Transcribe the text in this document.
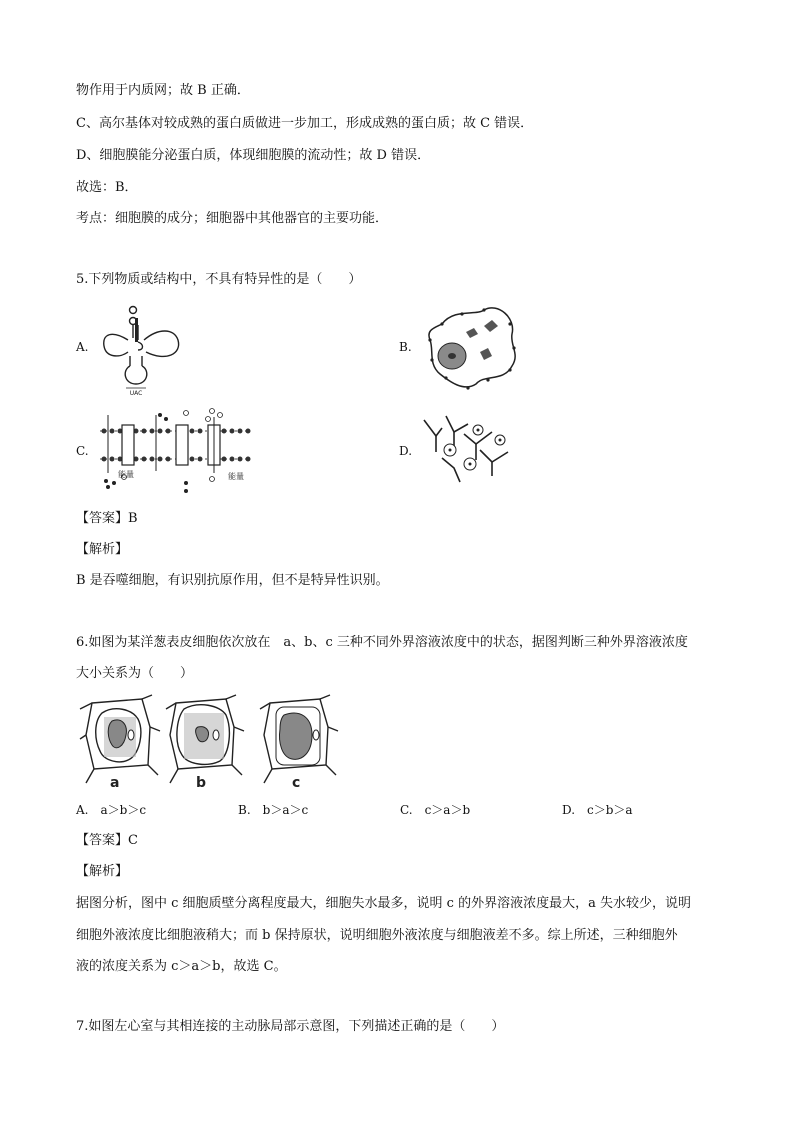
物作用于内质网；故 B 正确．
C、高尔基体对较成熟的蛋白质做进一步加工，形成成熟的蛋白质；故 C 错误．
D、细胞膜能分泌蛋白质，体现细胞膜的流动性；故 D 错误．
故选：B．
考点：细胞膜的成分；细胞器中其他器官的主要功能．
5.下列物质或结构中，不具有特异性的是（　　）
A.
UAC
B.
C.
能量	能量
D.
【答案】B
【解析】
B 是吞噬细胞，有识别抗原作用，但不是特异性识别。
6.如图为某洋葱表皮细胞依次放在　a、b、c 三种不同外界溶液浓度中的状态，据图判断三种外界溶液浓度
大小关系为（　　）
a	b	c
A.　a＞b＞c	B.　b＞a＞c	C.　c＞a＞b	D.　c＞b＞a
【答案】C
【解析】
据图分析，图中 c 细胞质壁分离程度最大，细胞失水最多，说明 c 的外界溶液浓度最大，a 失水较少，说明
细胞外液浓度比细胞液稍大；而 b 保持原状，说明细胞外液浓度与细胞液差不多。综上所述，三种细胞外
液的浓度关系为 c＞a＞b，故选 C。
7.如图左心室与其相连接的主动脉局部示意图，下列描述正确的是（　　）
